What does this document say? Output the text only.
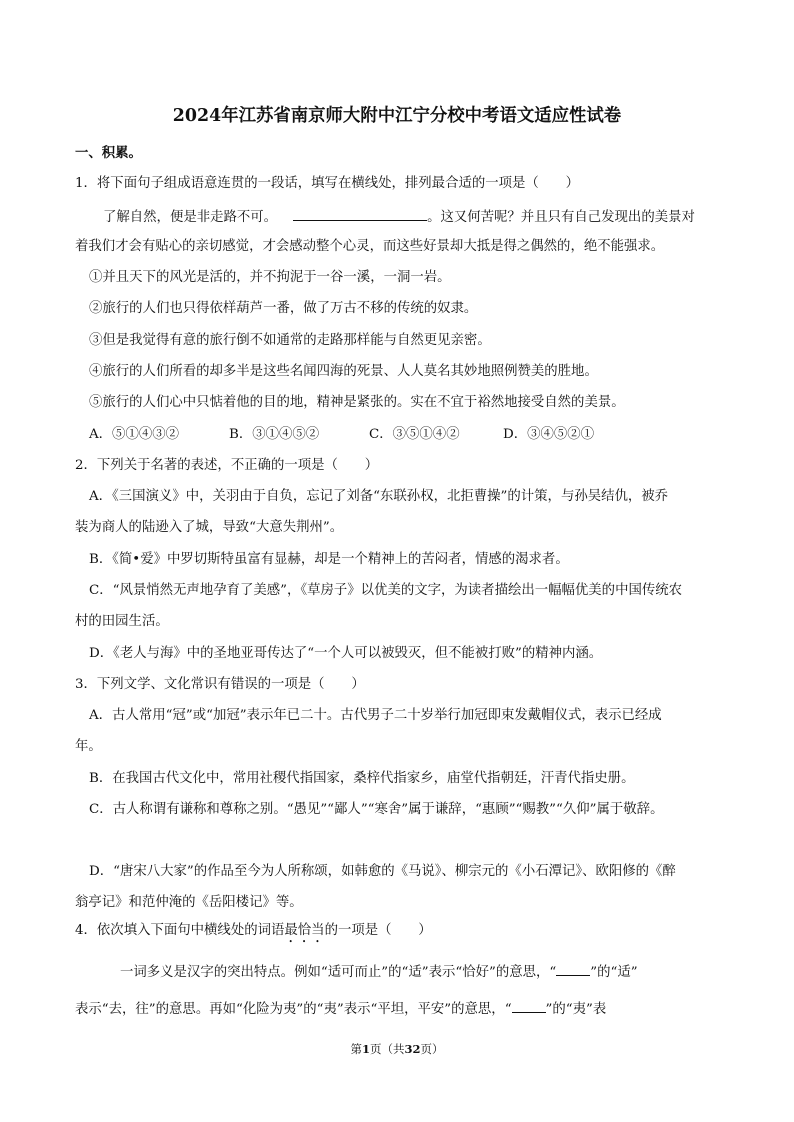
2024年江苏省南京师大附中江宁分校中考语文适应性试卷
一、积累。
1．将下面句子组成语意连贯的一段话，填写在横线处，排列最合适的一项是（　　）
了解自然，便是非走路不可。	。这又何苦呢？并且只有自己发现出的美景对
着我们才会有贴心的亲切感觉，才会感动整个心灵，而这些好景却大抵是得之偶然的，绝不能强求。
①并且天下的风光是活的，并不拘泥于一谷一溪，一洞一岩。
②旅行的人们也只得依样葫芦一番，做了万古不移的传统的奴隶。
③但是我觉得有意的旅行倒不如通常的走路那样能与自然更见亲密。
④旅行的人们所看的却多半是这些名闻四海的死景、人人莫名其妙地照例赞美的胜地。
⑤旅行的人们心中只惦着他的目的地，精神是紧张的。实在不宜于裕然地接受自然的美景。
A．⑤①④③②	B．③①④⑤②	C．③⑤①④②	D．③④⑤②①
2．下列关于名著的表述，不正确的一项是（　　）
A．《三国演义》中，关羽由于自负，忘记了刘备“东联孙权，北拒曹操”的计策，与孙吴结仇，被乔
装为商人的陆逊入了城，导致“大意失荆州”。
B．《简•爱》中罗切斯特虽富有显赫，却是一个精神上的苦闷者，情感的渴求者。
C．“风景悄然无声地孕育了美感”，《草房子》以优美的文字，为读者描绘出一幅幅优美的中国传统农
村的田园生活。
D．《老人与海》中的圣地亚哥传达了“一个人可以被毁灭，但不能被打败”的精神内涵。
3．下列文学、文化常识有错误的一项是（　　）
A．古人常用“冠”或“加冠”表示年已二十。古代男子二十岁举行加冠即束发戴帽仪式，表示已经成
年。
B．在我国古代文化中，常用社稷代指国家，桑梓代指家乡，庙堂代指朝廷，汗青代指史册。
C．古人称谓有谦称和尊称之别。“愚见”“鄙人”“寒舍”属于谦辞，“惠顾”“赐教”“久仰”属于敬辞。
D．“唐宋八大家”的作品至今为人所称颂，如韩愈的《马说》、柳宗元的《小石潭记》、欧阳修的《醉
翁亭记》和范仲淹的《岳阳楼记》等。
4．依次填入下面句中横线处的词语最恰当的一项是（　　）
一词多义是汉字的突出特点。例如“适可而止”的“适”表示“恰好”的意思，“	”的“适”
表示“去，往”的意思。再如“化险为夷”的“夷”表示“平坦，平安”的意思，“	”的“夷”表
第1页（共32页）
